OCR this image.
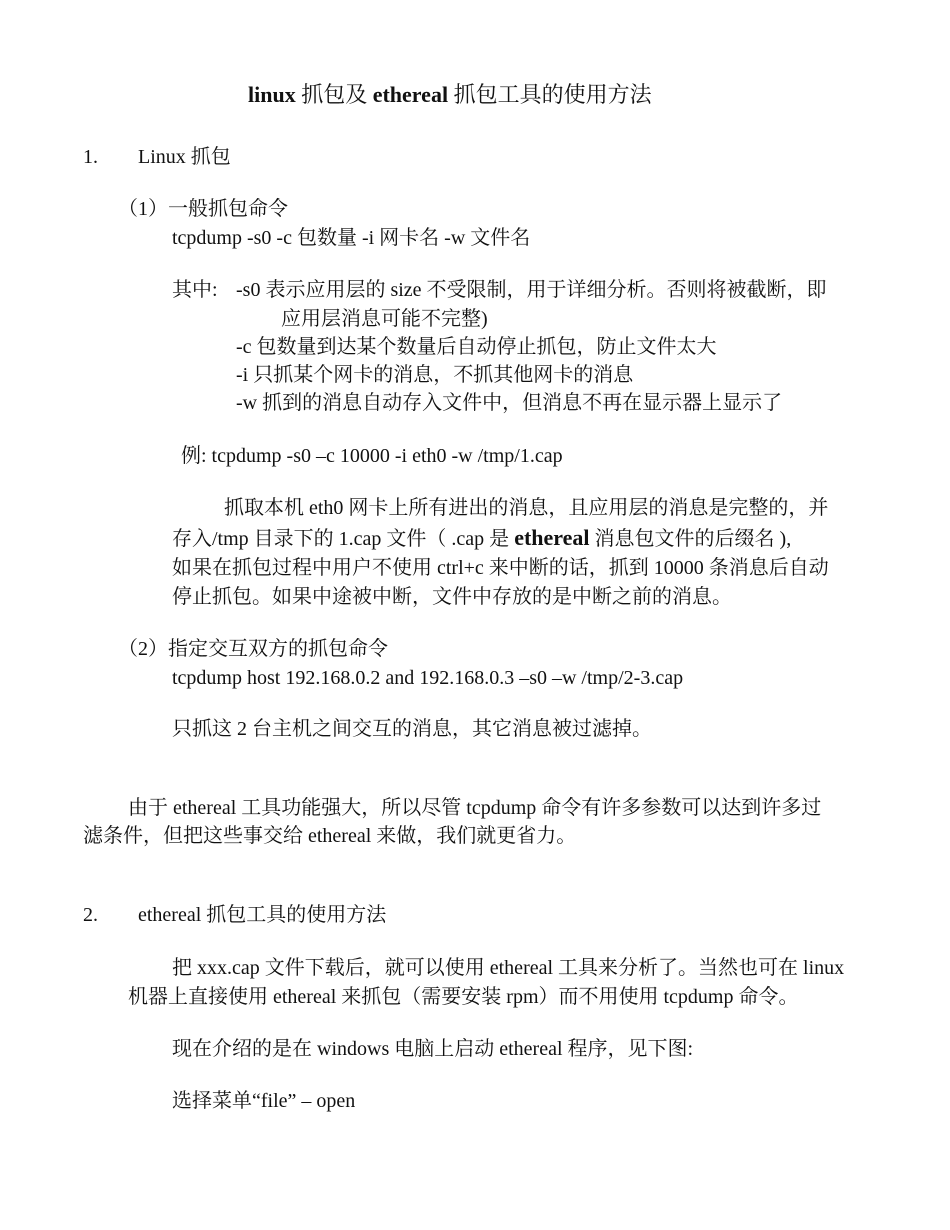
linux 抓包及 ethereal 抓包工具的使用方法
1. Linux 抓包
（1）一般抓包命令
tcpdump -s0 -c 包数量 -i 网卡名 -w 文件名
其中: -s0 表示应用层的 size 不受限制，用于详细分析。否则将被截断，即
应用层消息可能不完整)
-c 包数量到达某个数量后自动停止抓包，防止文件太大
-i 只抓某个网卡的消息，不抓其他网卡的消息
-w 抓到的消息自动存入文件中，但消息不再在显示器上显示了
例: tcpdump -s0 –c 10000 -i eth0 -w /tmp/1.cap
抓取本机 eth0 网卡上所有进出的消息，且应用层的消息是完整的，并
存入/tmp 目录下的 1.cap 文件（ .cap 是 ethereal 消息包文件的后缀名 ),
如果在抓包过程中用户不使用 ctrl+c 来中断的话，抓到 10000 条消息后自动
停止抓包。如果中途被中断，文件中存放的是中断之前的消息。
（2）指定交互双方的抓包命令
tcpdump host 192.168.0.2 and 192.168.0.3 –s0 –w /tmp/2-3.cap
只抓这 2 台主机之间交互的消息，其它消息被过滤掉。
由于 ethereal 工具功能强大，所以尽管 tcpdump 命令有许多参数可以达到许多过
滤条件，但把这些事交给 ethereal 来做，我们就更省力。
2. ethereal 抓包工具的使用方法
把 xxx.cap 文件下载后，就可以使用 ethereal 工具来分析了。当然也可在 linux
机器上直接使用 ethereal 来抓包（需要安装 rpm）而不用使用 tcpdump 命令。
现在介绍的是在 windows 电脑上启动 ethereal 程序，见下图:
选择菜单“file” – open
